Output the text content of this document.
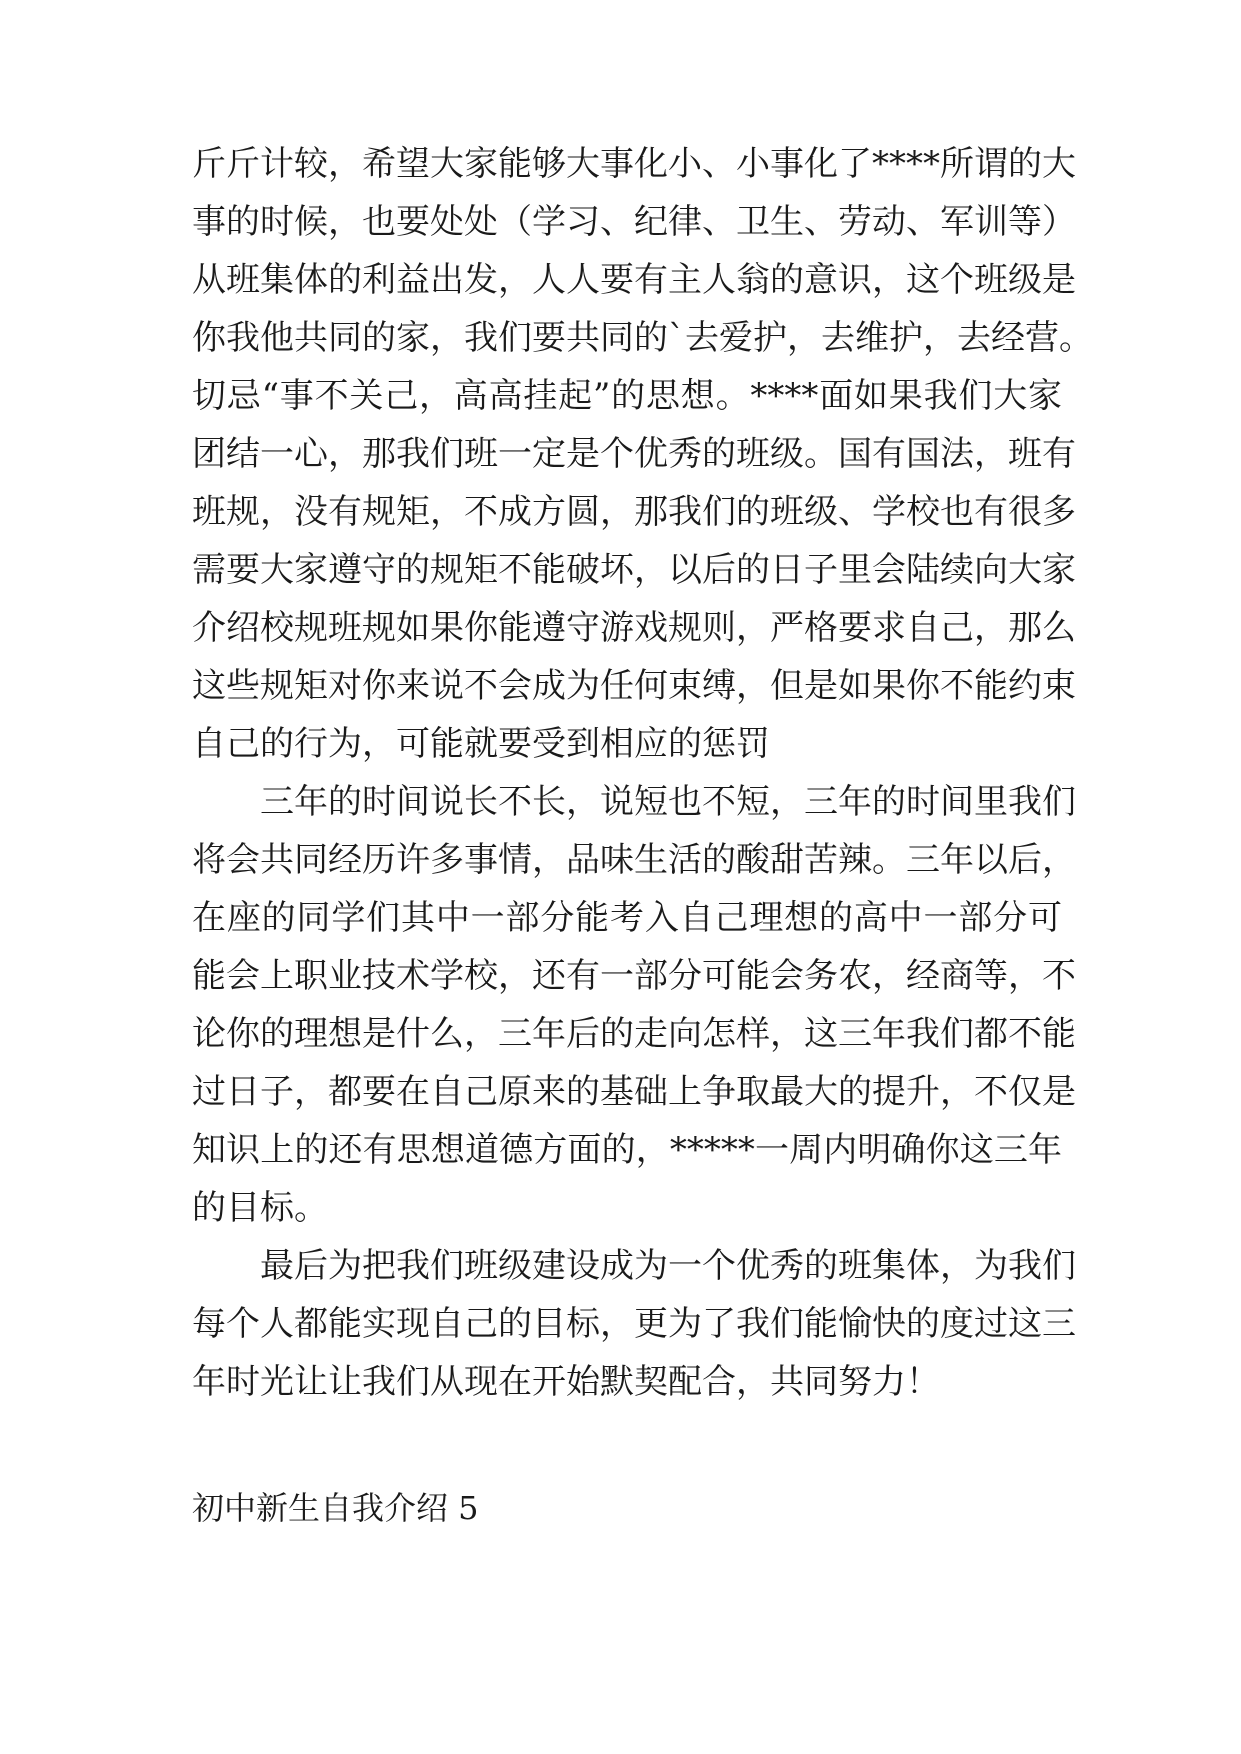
斤斤计较，希望大家能够大事化小、小事化了****所谓的大
事的时候，也要处处（学习、纪律、卫生、劳动、军训等）
从班集体的利益出发，人人要有主人翁的意识，这个班级是
你我他共同的家，我们要共同的`去爱护，去维护，去经营。
切忌“事不关己，高高挂起”的思想。****面如果我们大家
团结一心，那我们班一定是个优秀的班级。国有国法，班有
班规，没有规矩，不成方圆，那我们的班级、学校也有很多
需要大家遵守的规矩不能破坏，以后的日子里会陆续向大家
介绍校规班规如果你能遵守游戏规则，严格要求自己，那么
这些规矩对你来说不会成为任何束缚，但是如果你不能约束
自己的行为，可能就要受到相应的惩罚
三年的时间说长不长，说短也不短，三年的时间里我们
将会共同经历许多事情，品味生活的酸甜苦辣。三年以后，
在座的同学们其中一部分能考入自己理想的高中一部分可
能会上职业技术学校，还有一部分可能会务农，经商等，不
论你的理想是什么，三年后的走向怎样，这三年我们都不能
过日子，都要在自己原来的基础上争取最大的提升，不仅是
知识上的还有思想道德方面的，*****一周内明确你这三年
的目标。
最后为把我们班级建设成为一个优秀的班集体，为我们
每个人都能实现自己的目标，更为了我们能愉快的度过这三
年时光让让我们从现在开始默契配合，共同努力！
初中新生自我介绍 5
